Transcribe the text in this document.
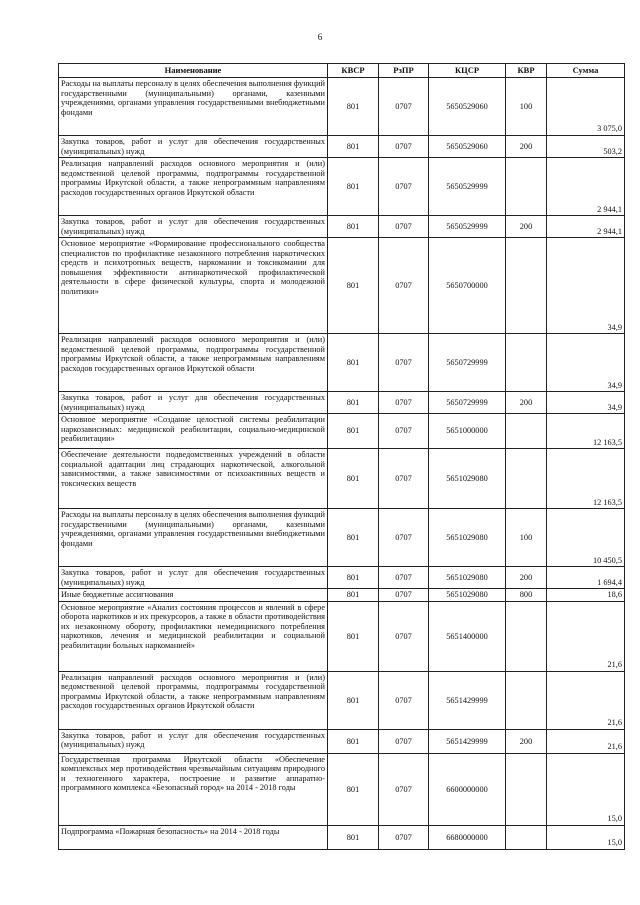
6
Наименование	КВСР	РзПР	КЦСР	КВР	Сумма
Расходы на выплаты персоналу в целях обеспечения выполнения функций государственными (муниципальными) органами, казенными учреждениями, органами управления государственными внебюджетными фондами	801	0707	5650529060	100	3 075,0
Закупка товаров, работ и услуг для обеспечения государственных (муниципальных) нужд	801	0707	5650529060	200	503,2
Реализация направлений расходов основного мероприятия и (или) ведомственной целевой программы, подпрограммы государственной программы Иркутской области, а также непрограммным направлениям расходов государственных органов Иркутской области	801	0707	5650529999		2 944,1
Закупка товаров, работ и услуг для обеспечения государственных (муниципальных) нужд	801	0707	5650529999	200	2 944,1
Основное мероприятие «Формирование профессионального сообщества специалистов по профилактике незаконного потребления наркотических средств и психотропных веществ, наркомании и токсикомании для повышения эффективности антинаркотической профилактической деятельности в сфере физической культуры, спорта и молодежной политики»	801	0707	5650700000		34,9
Реализация направлений расходов основного мероприятия и (или) ведомственной целевой программы, подпрограммы государственной программы Иркутской области, а также непрограммным направлениям расходов государственных органов Иркутской области	801	0707	5650729999		34,9
Закупка товаров, работ и услуг для обеспечения государственных (муниципальных) нужд	801	0707	5650729999	200	34,9
Основное мероприятие «Создание целостной системы реабилитации наркозависимых: медицинской реабилитации, социально-медицинской реабилитации»	801	0707	5651000000		12 163,5
Обеспечение деятельности подведомственных учреждений в области социальной адаптации лиц страдающих наркотической, алкогольной зависимостями, а также зависимостями от психоактивных веществ и токсических веществ	801	0707	5651029080		12 163,5
Расходы на выплаты персоналу в целях обеспечения выполнения функций государственными (муниципальными) органами, казенными учреждениями, органами управления государственными внебюджетными фондами	801	0707	5651029080	100	10 450,5
Закупка товаров, работ и услуг для обеспечения государственных (муниципальных) нужд	801	0707	5651029080	200	1 694,4
Иные бюджетные ассигнования	801	0707	5651029080	800	18,6
Основное мероприятие «Анализ состояния процессов и явлений в сфере оборота наркотиков и их прекурсоров, а также в области противодействия их незаконному обороту, профилактики немедицинского потребления наркотиков, лечения и медицинской реабилитации и социальной реабилитации больных наркоманией»	801	0707	5651400000		21,6
Реализация направлений расходов основного мероприятия и (или) ведомственной целевой программы, подпрограммы государственной программы Иркутской области, а также непрограммным направлениям расходов государственных органов Иркутской области	801	0707	5651429999		21,6
Закупка товаров, работ и услуг для обеспечения государственных (муниципальных) нужд	801	0707	5651429999	200	21,6
Государственная программа Иркутской области «Обеспечение комплексных мер противодействия чрезвычайным ситуациям природного и техногенного характера, построение и развитие аппаратно-программного комплекса «Безопасный город» на 2014 - 2018 годы	801	0707	6600000000		15,0
Подпрограмма «Пожарная безопасность» на 2014 - 2018 годы	801	0707	6680000000		15,0
